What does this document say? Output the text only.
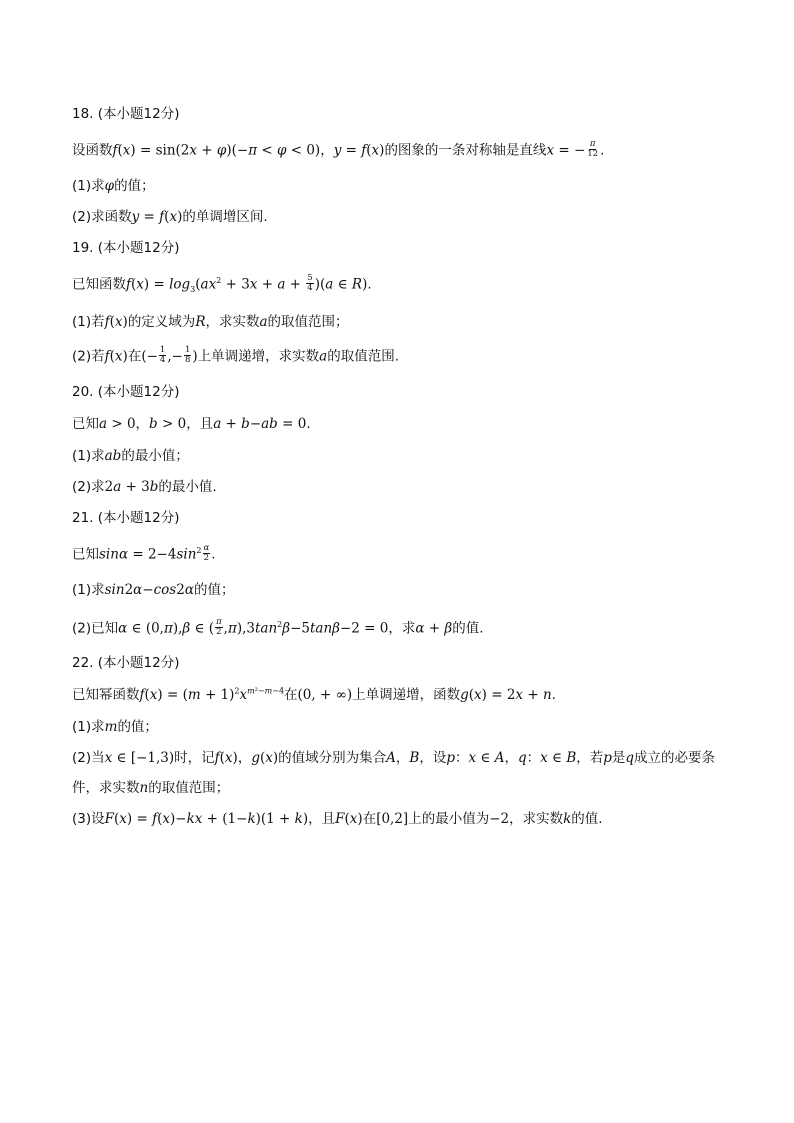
18. (本小题12分)
设函数f(x) = sin(2x + φ)(−π < φ < 0)，y = f(x)的图象的一条对称轴是直线x = − $\frac{\pi}{12}$ .
(1)求φ的值；
(2)求函数y = f(x)的单调增区间.
19. (本小题12分)
已知函数$f(x) = \log_3(ax^2 + 3x + a + \frac{5}{4} )(a$ ∈ R).
(1)若f(x)的定义域为R，求实数a的取值范围；
(2)若f(x)在(− $\frac{1}{4}$ ,− $\frac{1}{8}$ )上单调递增，求实数a的取值范围.
20. (本小题12分)
已知a > 0，b > 0，且a + b−ab = 0.
(1)求ab的最小值；
(2)求2a + 3b的最小值.
21. (本小题12分)
已知$\sin\alpha = 2-4\sin^2 \frac{\alpha}{2}$ .
(1)求sin2α−cos2α的值；
(2)已知α ∈ (0,π),β ∈ ( $\frac{\pi}{2} ,\pi),3\tan^2\beta-5\tan\beta-2 = 0$，求α + β的值.
22. (本小题12分)
已知幂函数$f(x) = (m + 1)^2x^{m^2-m-4}$在(0, + ∞)上单调递增，函数g(x) = 2x + n.
(1)求m的值；
(2)当x ∈ [−1,3)时，记f(x)，g(x)的值域分别为集合A，B，设p：x ∈ A，q：x ∈ B，若p是q成立的必要条
件，求实数n的取值范围；
(3)设F(x) = f(x)−kx + (1−k)(1 + k)，且F(x)在[0,2]上的最小值为−2，求实数k的值.
